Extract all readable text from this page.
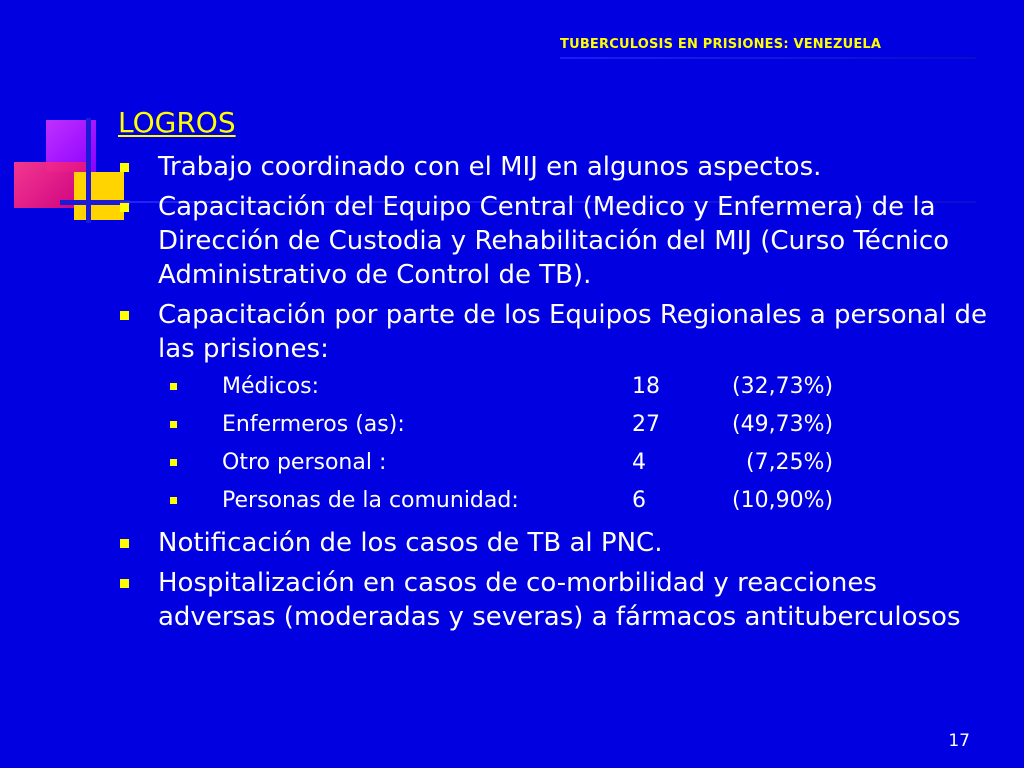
TUBERCULOSIS EN PRISIONES: VENEZUELA
LOGROS
Trabajo coordinado con el MIJ en algunos aspectos.
Capacitación del Equipo Central (Medico y Enfermera) de la Dirección de Custodia y Rehabilitación del MIJ (Curso Técnico Administrativo de Control de TB).
Capacitación por parte de los Equipos Regionales a personal de las prisiones:
Médicos:	18	(32,73%)
Enfermeros (as):	27	(49,73%)
Otro personal :	4	(7,25%)
Personas de la comunidad:	6	(10,90%)
Notificación de los casos de TB al PNC.
Hospitalización en casos de co-morbilidad y reacciones adversas (moderadas y severas) a fármacos antituberculosos
17
